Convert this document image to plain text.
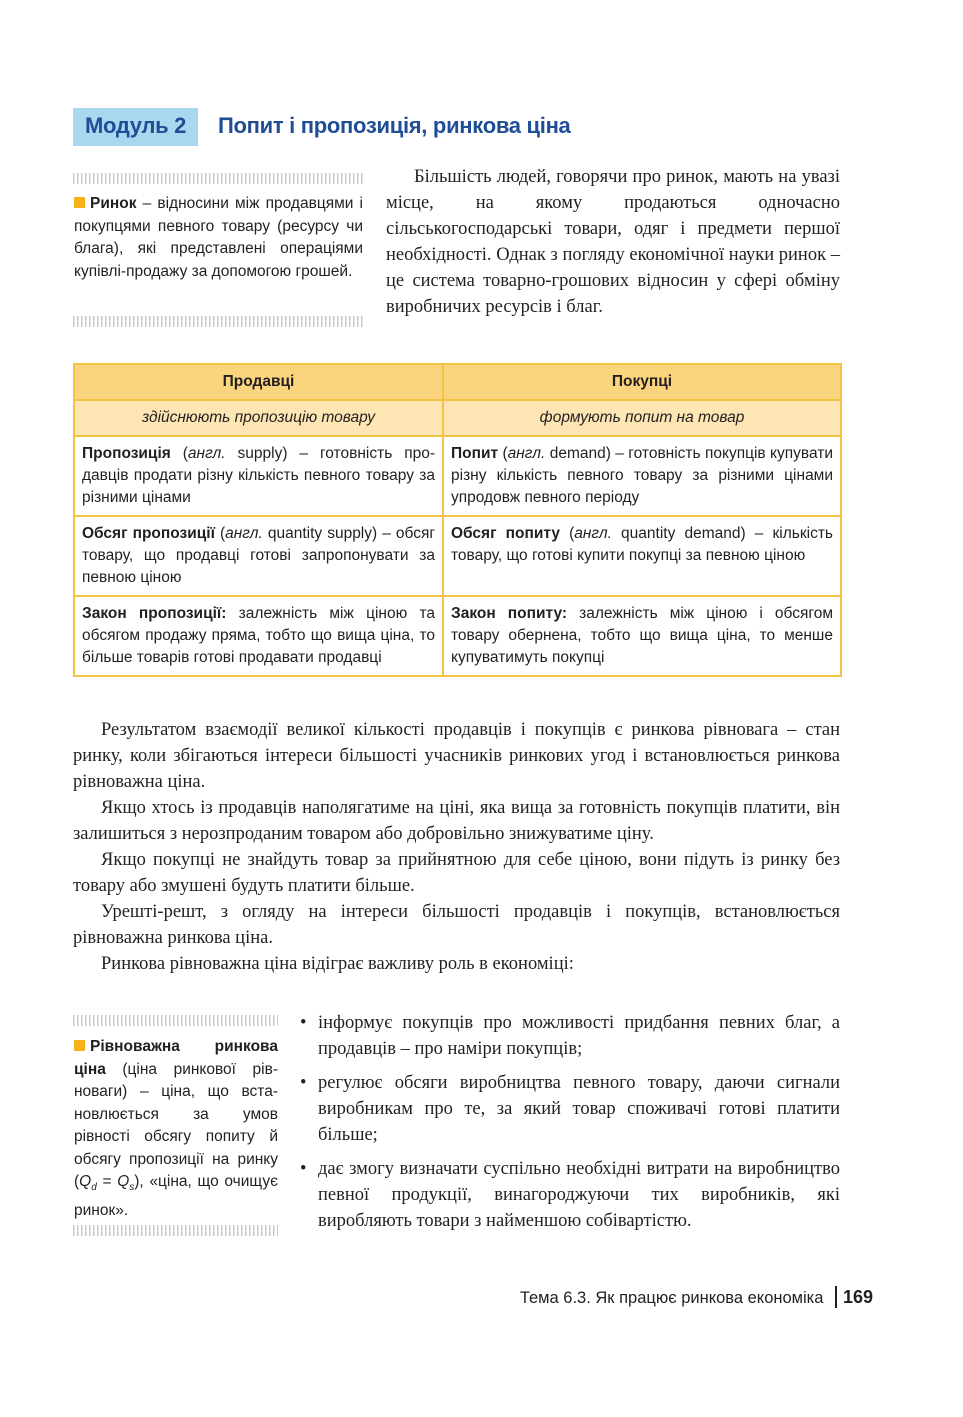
Модуль 2 Попит і пропозиція, ринкова ціна
Ринок – відносини між продавцями і покупцями певного товару (ресурсу чи блага), які представлені операціями купівлі-продажу за допомогою грошей.

Більшість людей, говорячи про ринок, мають на увазі місце, на якому продаються одночасно сільськогосподарські товари, одяг і предмети першої необхідності. Однак з погляду економічної науки ринок – це система товарно-грошових відносин у сфері обміну виробничих ресурсів і благ.

Продавці	Покупці
здійснюють пропозицію товару	формують попит на товар
Пропозиція (англ. supply) – готовність продавців продати різну кількість певного товару за різними цінами	Попит (англ. demand) – готовність покупців купувати різну кількість певного товару за різними цінами упродовж певного періоду
Обсяг пропозиції (англ. quantity supply) – обсяг товару, що продавці готові запропонувати за певною ціною	Обсяг попиту (англ. quantity demand) – кількість товару, що готові купити покупці за певною ціною
Закон пропозиції: залежність між ціною та обсягом продажу пряма, тобто що вища ціна, то більше товарів готові продавати продавці	Закон попиту: залежність між ціною і обсягом товару обернена, тобто що вища ціна, то менше купуватимуть покупці

Результатом взаємодії великої кількості продавців і покупців є ринкова рівновага – стан ринку, коли збігаються інтереси більшості учасників ринкових угод і встановлюється ринкова рівноважна ціна.

Якщо хтось із продавців наполягатиме на ціні, яка вища за готовність покупців платити, він залишиться з нерозпроданим товаром або добровільно знижуватиме ціну.

Якщо покупці не знайдуть товар за прийнятною для себе ціною, вони підуть із ринку без товару або змушені будуть платити більше.

Урешті-решт, з огляду на інтереси більшості продавців і покупців, встановлюється рівноважна ринкова ціна.

Ринкова рівноважна ціна відіграє важливу роль в економіці:

Рівноважна ринкова ціна (ціна ринкової рівноваги) – ціна, що встановлюється за умов рівності обсягу попиту й обсягу пропозиції на ринку $(Q_d = Q_s)$, «ціна, що очищує ринок».

• інформує покупців про можливості придбання певних благ, а продавців – про наміри покупців;

• регулює обсяги виробництва певного товару, даючи сигнали виробникам про те, за який товар споживачі готові платити більше;

• дає змогу визначати суспільно необхідні витрати на виробництво певної продукції, винагороджуючи тих виробників, які виробляють товари з найменшою собівартістю.

Тема 6.3. Як працює ринкова економіка 169
